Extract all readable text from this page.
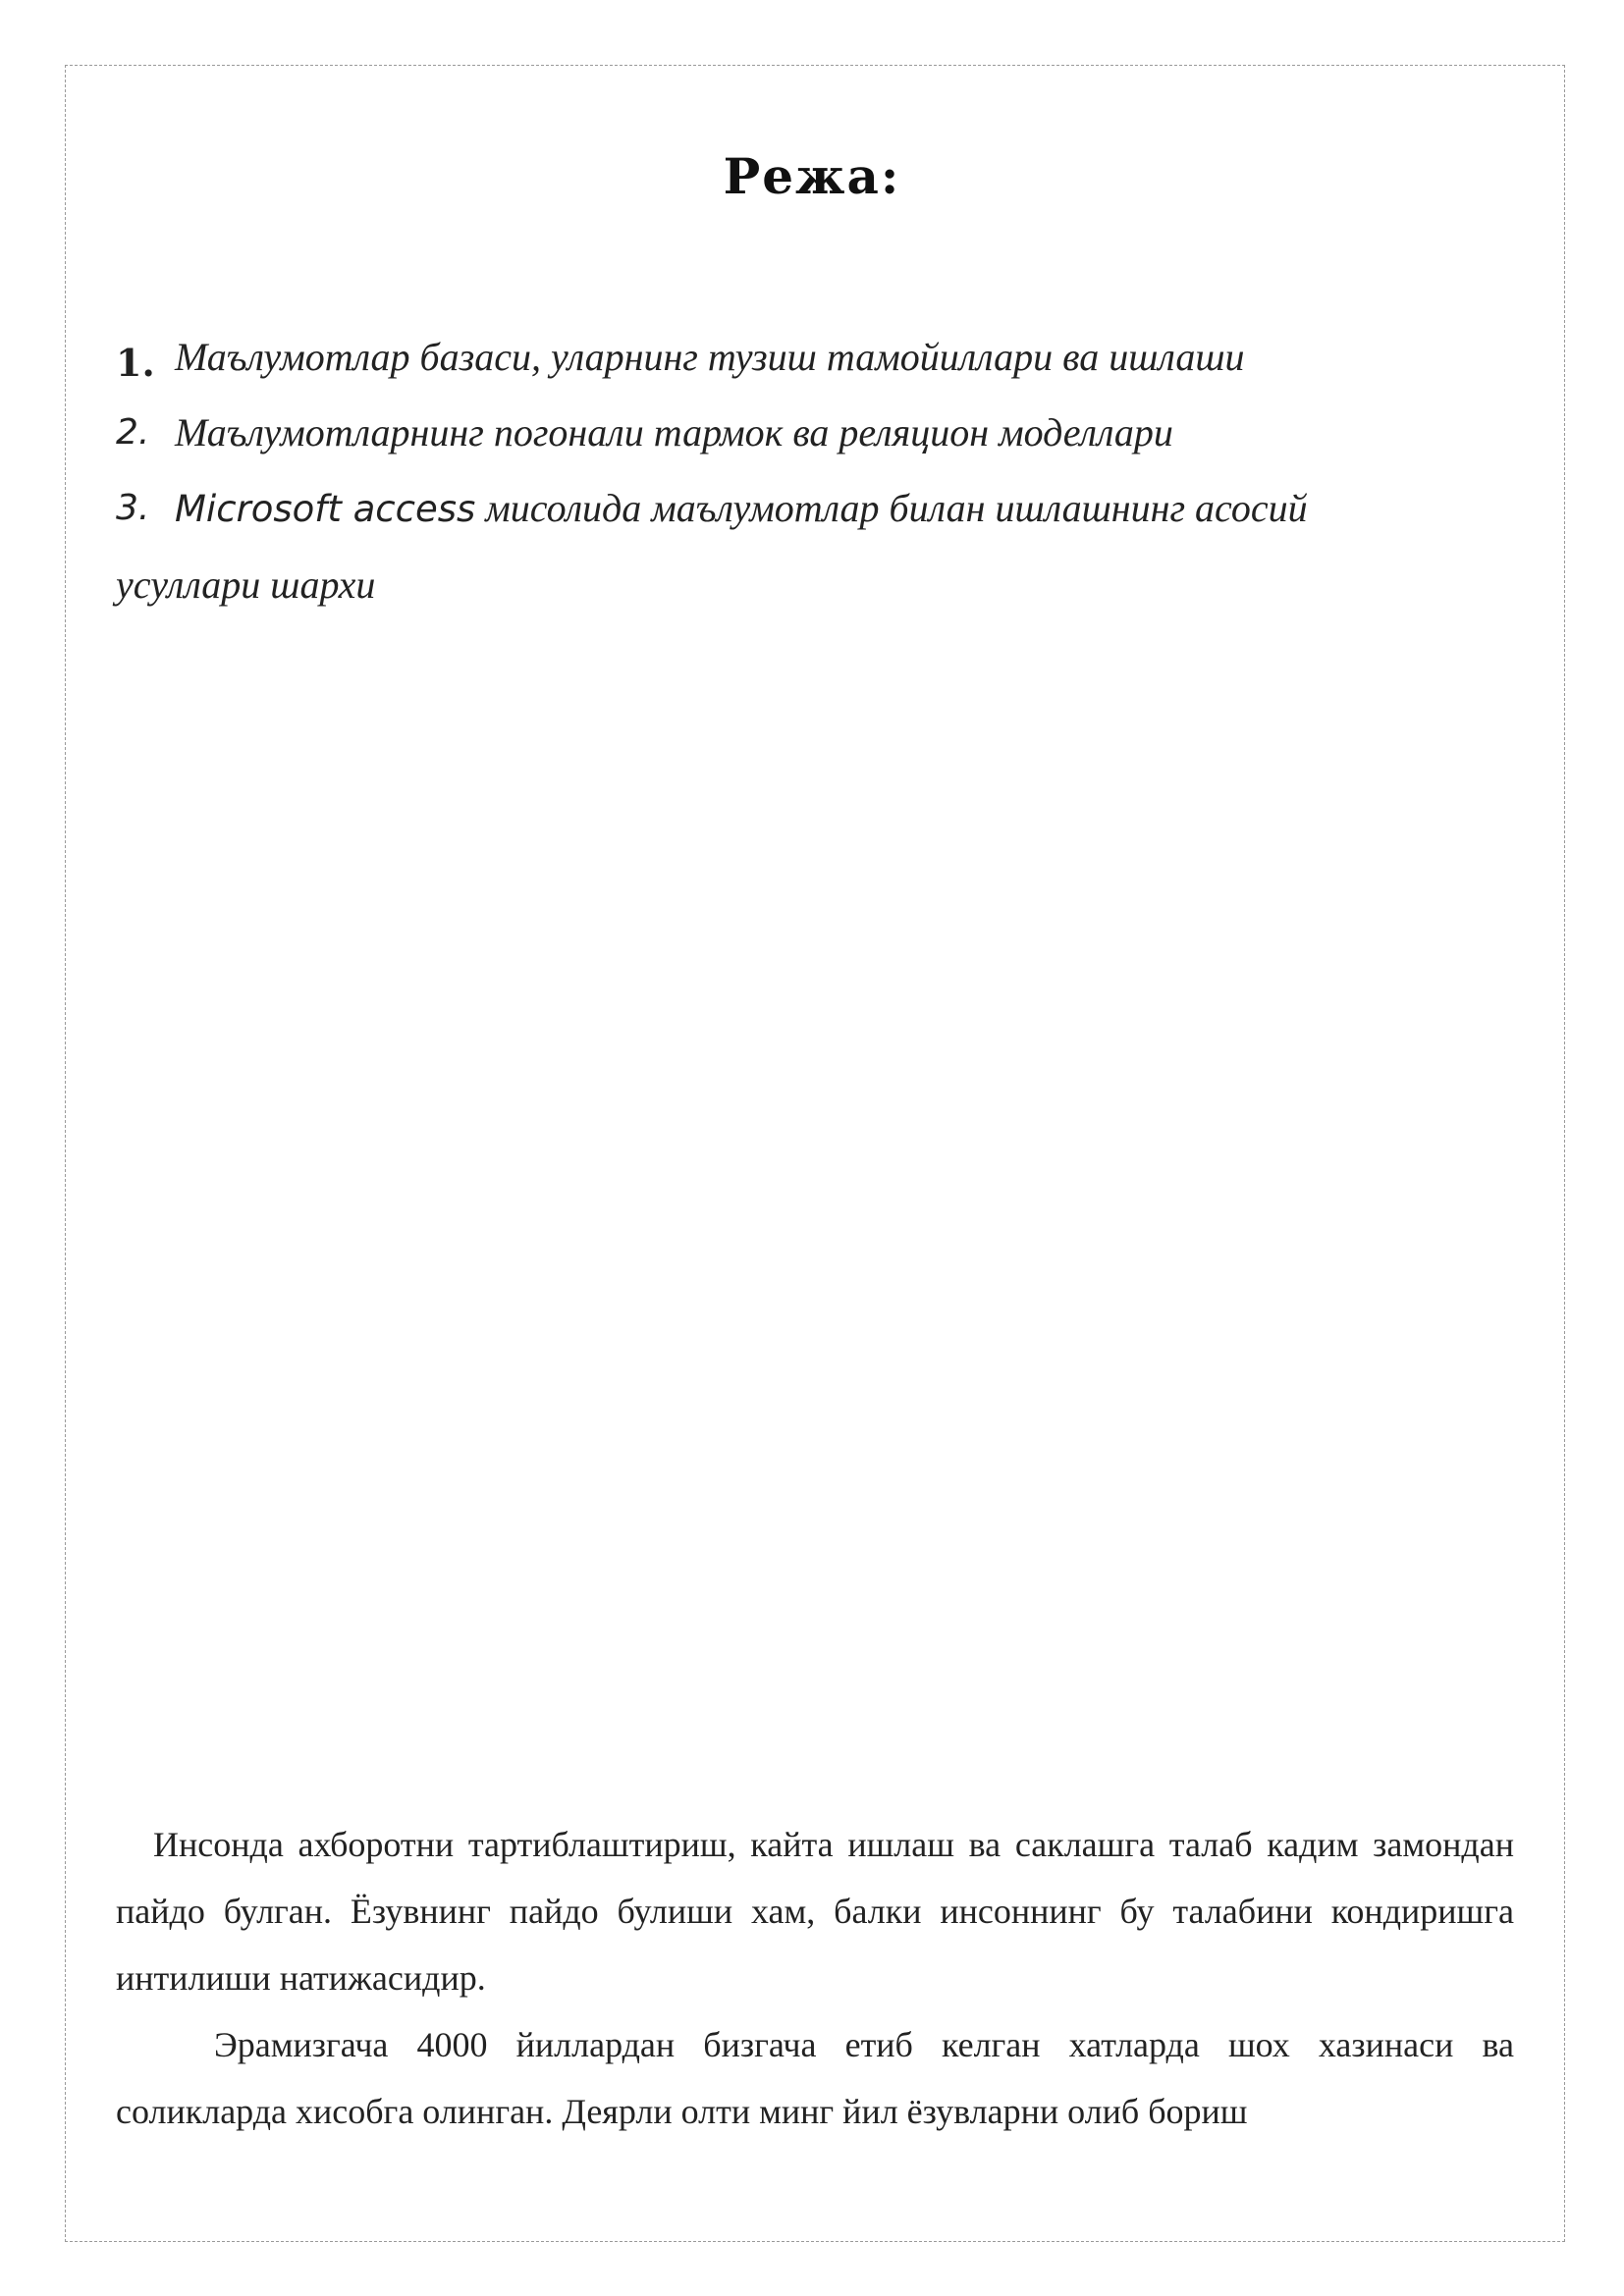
Режа:
1. Маълумотлар базаси, уларнинг тузиш тамойиллари ва ишлаши
2. Маълумотларнинг погонали тармок ва реляцион моделлари
3. Microsoft access мисолида маълумотлар билан ишлашнинг асосий
усуллари шархи

Инсонда ахборотни тартиблаштириш, кайта ишлаш ва саклашга талаб кадим замондан пайдо булган. Ёзувнинг пайдо булиши хам, балки инсоннинг бу талабини кондиришга интилиши натижасидир.

Эрамизгача 4000 йиллардан бизгача етиб келган хатларда шох хазинаси ва соликларда хисобга олинган. Деярли олти минг йил ёзувларни олиб бориш
